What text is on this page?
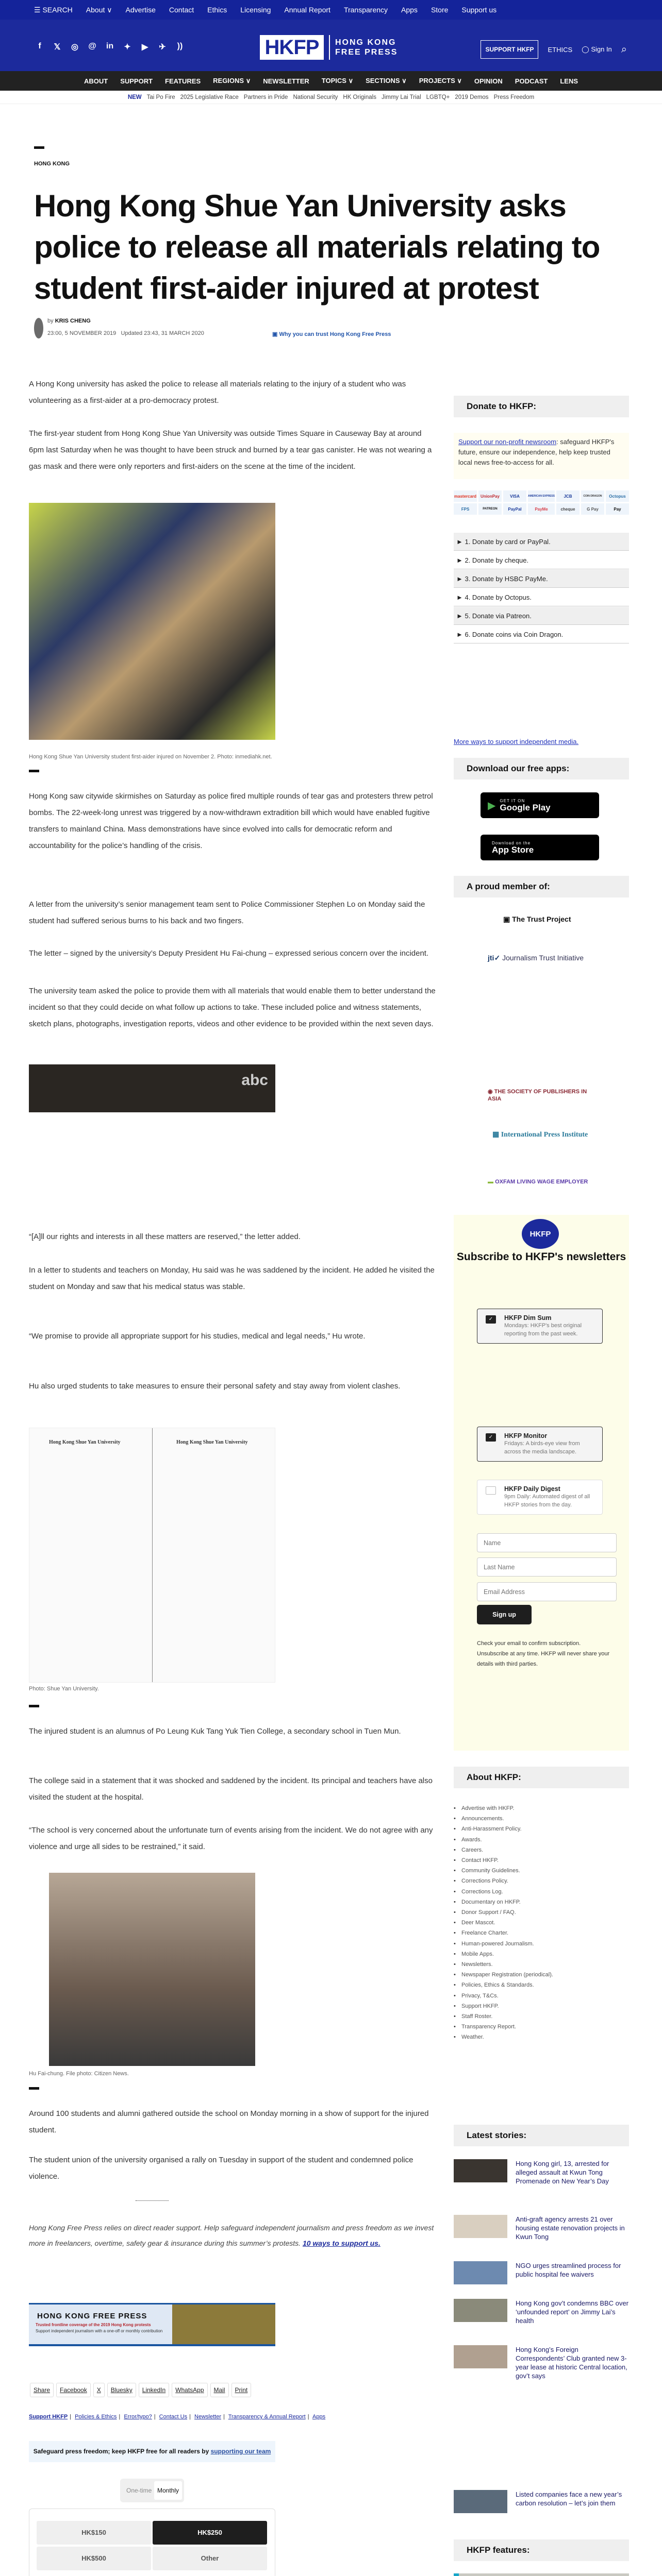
☰ SEARCH About ∨ Advertise Contact Ethics Licensing Annual Report Transparency Apps Store Support us
f	𝕏 ◎ @ in ✦	▶	✈	))	HKFP	HONG KONG
FREE PRESS	SUPPORT HKFP	ETHICS ◯ Sign In ⌕
ABOUT SUPPORT FEATURES REGIONS ∨ NEWSLETTER TOPICS ∨ SECTIONS ∨ PROJECTS ∨ OPINION PODCAST LENS
NEW Tai Po Fire 2025 Legislative Race Partners in Pride National Security HK Originals Jimmy Lai Trial LGBTQ+ 2019 Demos Press Freedom
HONG KONG
Hong Kong Shue Yan University asks police to release all materials relating to student first-aider injured at protest
by KRIS CHENG
23:00, 5 NOVEMBER 2019 Updated 23:43, 31 MARCH 2020	▣ Why you can trust Hong Kong Free Press
A Hong Kong university has asked the police to release all materials relating to the injury of a student who was volunteering as a first-aider at a pro-democracy protest.
The first-year student from Hong Kong Shue Yan University was outside Times Square in Causeway Bay at around 6pm last Saturday when he was thought to have been struck and burned by a tear gas canister. He was not wearing a gas mask and there were only reporters and first-aiders on the scene at the time of the incident.
Hong Kong Shue Yan University student first-aider injured on November 2. Photo: inmediahk.net.
Hong Kong saw citywide skirmishes on Saturday as police fired multiple rounds of tear gas and protesters threw petrol bombs. The 22-week-long unrest was triggered by a now-withdrawn extradition bill which would have enabled fugitive transfers to mainland China. Mass demonstrations have since evolved into calls for democratic reform and accountability for the police’s handling of the crisis.
A letter from the university’s senior management team sent to Police Commissioner Stephen Lo on Monday said the student had suffered serious burns to his back and two fingers.
The letter – signed by the university’s Deputy President Hu Fai-chung – expressed serious concern over the incident.
The university team asked the police to provide them with all materials that would enable them to better understand the incident so that they could decide on what follow up actions to take. These included police and witness statements, sketch plans, photographs, investigation reports, videos and other evidence to be provided within the next seven days.
abc
“[A]ll our rights and interests in all these matters are reserved,” the letter added.
In a letter to students and teachers on Monday, Hu said was he was saddened by the incident. He added he visited the student on Monday and saw that his medical status was stable.
“We promise to provide all appropriate support for his studies, medical and legal needs,” Hu wrote.
Hu also urged students to take measures to ensure their personal safety and stay away from violent clashes.
Hong Kong Shue Yan University	Hong Kong Shue Yan University
Photo: Shue Yan University.
The injured student is an alumnus of Po Leung Kuk Tang Yuk Tien College, a secondary school in Tuen Mun.
The college said in a statement that it was shocked and saddened by the incident. Its principal and teachers have also visited the student at the hospital.
“The school is very concerned about the unfortunate turn of events arising from the incident. We do not agree with any violence and urge all sides to be restrained,” it said.
Hu Fai-chung. File photo: Citizen News.
Around 100 students and alumni gathered outside the school on Monday morning in a show of support for the injured student.
The student union of the university organised a rally on Tuesday in support of the student and condemned police violence.
Hong Kong Free Press relies on direct reader support. Help safeguard independent journalism and press freedom as we invest more in freelancers, overtime, safety gear & insurance during this summer’s protests. 10 ways to support us.
HONG KONG FREE PRESS
Trusted frontline coverage of the 2019 Hong Kong protests
Support independent journalism with a one-off or monthly contribution
Share	Facebook	X	Bluesky	LinkedIn	WhatsApp	Mail	Print
Support HKFP | Policies & Ethics | Error/typo? | Contact Us | Newsletter | Transparency & Annual Report | Apps
Safeguard press freedom; keep HKFP free for all readers by supporting our team
One-time Monthly
HK$150	HK$250
HK$500	Other
Donate to HKFP:
Support our non-profit newsroom: safeguard HKFP's future, ensure our independence, help keep trusted local news free-to-access for all.
mastercard UnionPay	VISA	AMERICAN EXPRESS	JCB	COIN DRAGON	Octopus
FPS	PATREON	PayPal	PayMe	cheque	G Pay	Pay
► 1. Donate by card or PayPal.
► 2. Donate by cheque.
► 3. Donate by HSBC PayMe.
► 4. Donate by Octopus.
► 5. Donate via Patreon.
► 6. Donate coins via Coin Dragon.
More ways to support independent media.
Download our free apps:
▶ GET IT ON
Google Play
Download on the
App Store
A proud member of:
▣ The Trust Project
jti✓ Journalism Trust Initiative
◉ THE SOCIETY OF PUBLISHERS IN ASIA
▦ International Press Institute
▬ OXFAM LIVING WAGE EMPLOYER
HKFP
Subscribe to HKFP's newsletters
✓	HKFP Dim Sum
Mondays: HKFP's best original reporting from the past week.
✓	HKFP Monitor
Fridays: A birds-eye view from across the media landscape.
HKFP Daily Digest
9pm Daily: Automated digest of all HKFP stories from the day.
Name
Last Name
Email Address
Sign up
Check your email to confirm subscription. Unsubscribe at any time. HKFP will never share your details with third parties.
About HKFP:
• Advertise with HKFP.
• Announcements.
• Anti-Harassment Policy.
• Awards.
• Careers.
• Contact HKFP.
• Community Guidelines.
• Corrections Policy.
• Corrections Log.
• Documentary on HKFP.
• Donor Support / FAQ.
• Deer Mascot.
• Freelance Charter.
• Human-powered Journalism.
• Mobile Apps.
• Newsletters.
• Newspaper Registration (periodical).
• Policies, Ethics & Standards.
• Privacy, T&Cs.
• Support HKFP.
• Staff Roster.
• Transparency Report.
• Weather.
Latest stories:
Hong Kong girl, 13, arrested for alleged assault at Kwun Tong Promenade on New Year’s Day
Anti-graft agency arrests 21 over housing estate renovation projects in Kwun Tong
NGO urges streamlined process for public hospital fee waivers
Hong Kong gov’t condemns BBC over ‘unfounded report’ on Jimmy Lai’s health
Hong Kong’s Foreign Correspondents’ Club granted new 3-year lease at historic Central location, gov’t says
Listed companies face a new year’s carbon resolution – let’s join them
HKFP features:
